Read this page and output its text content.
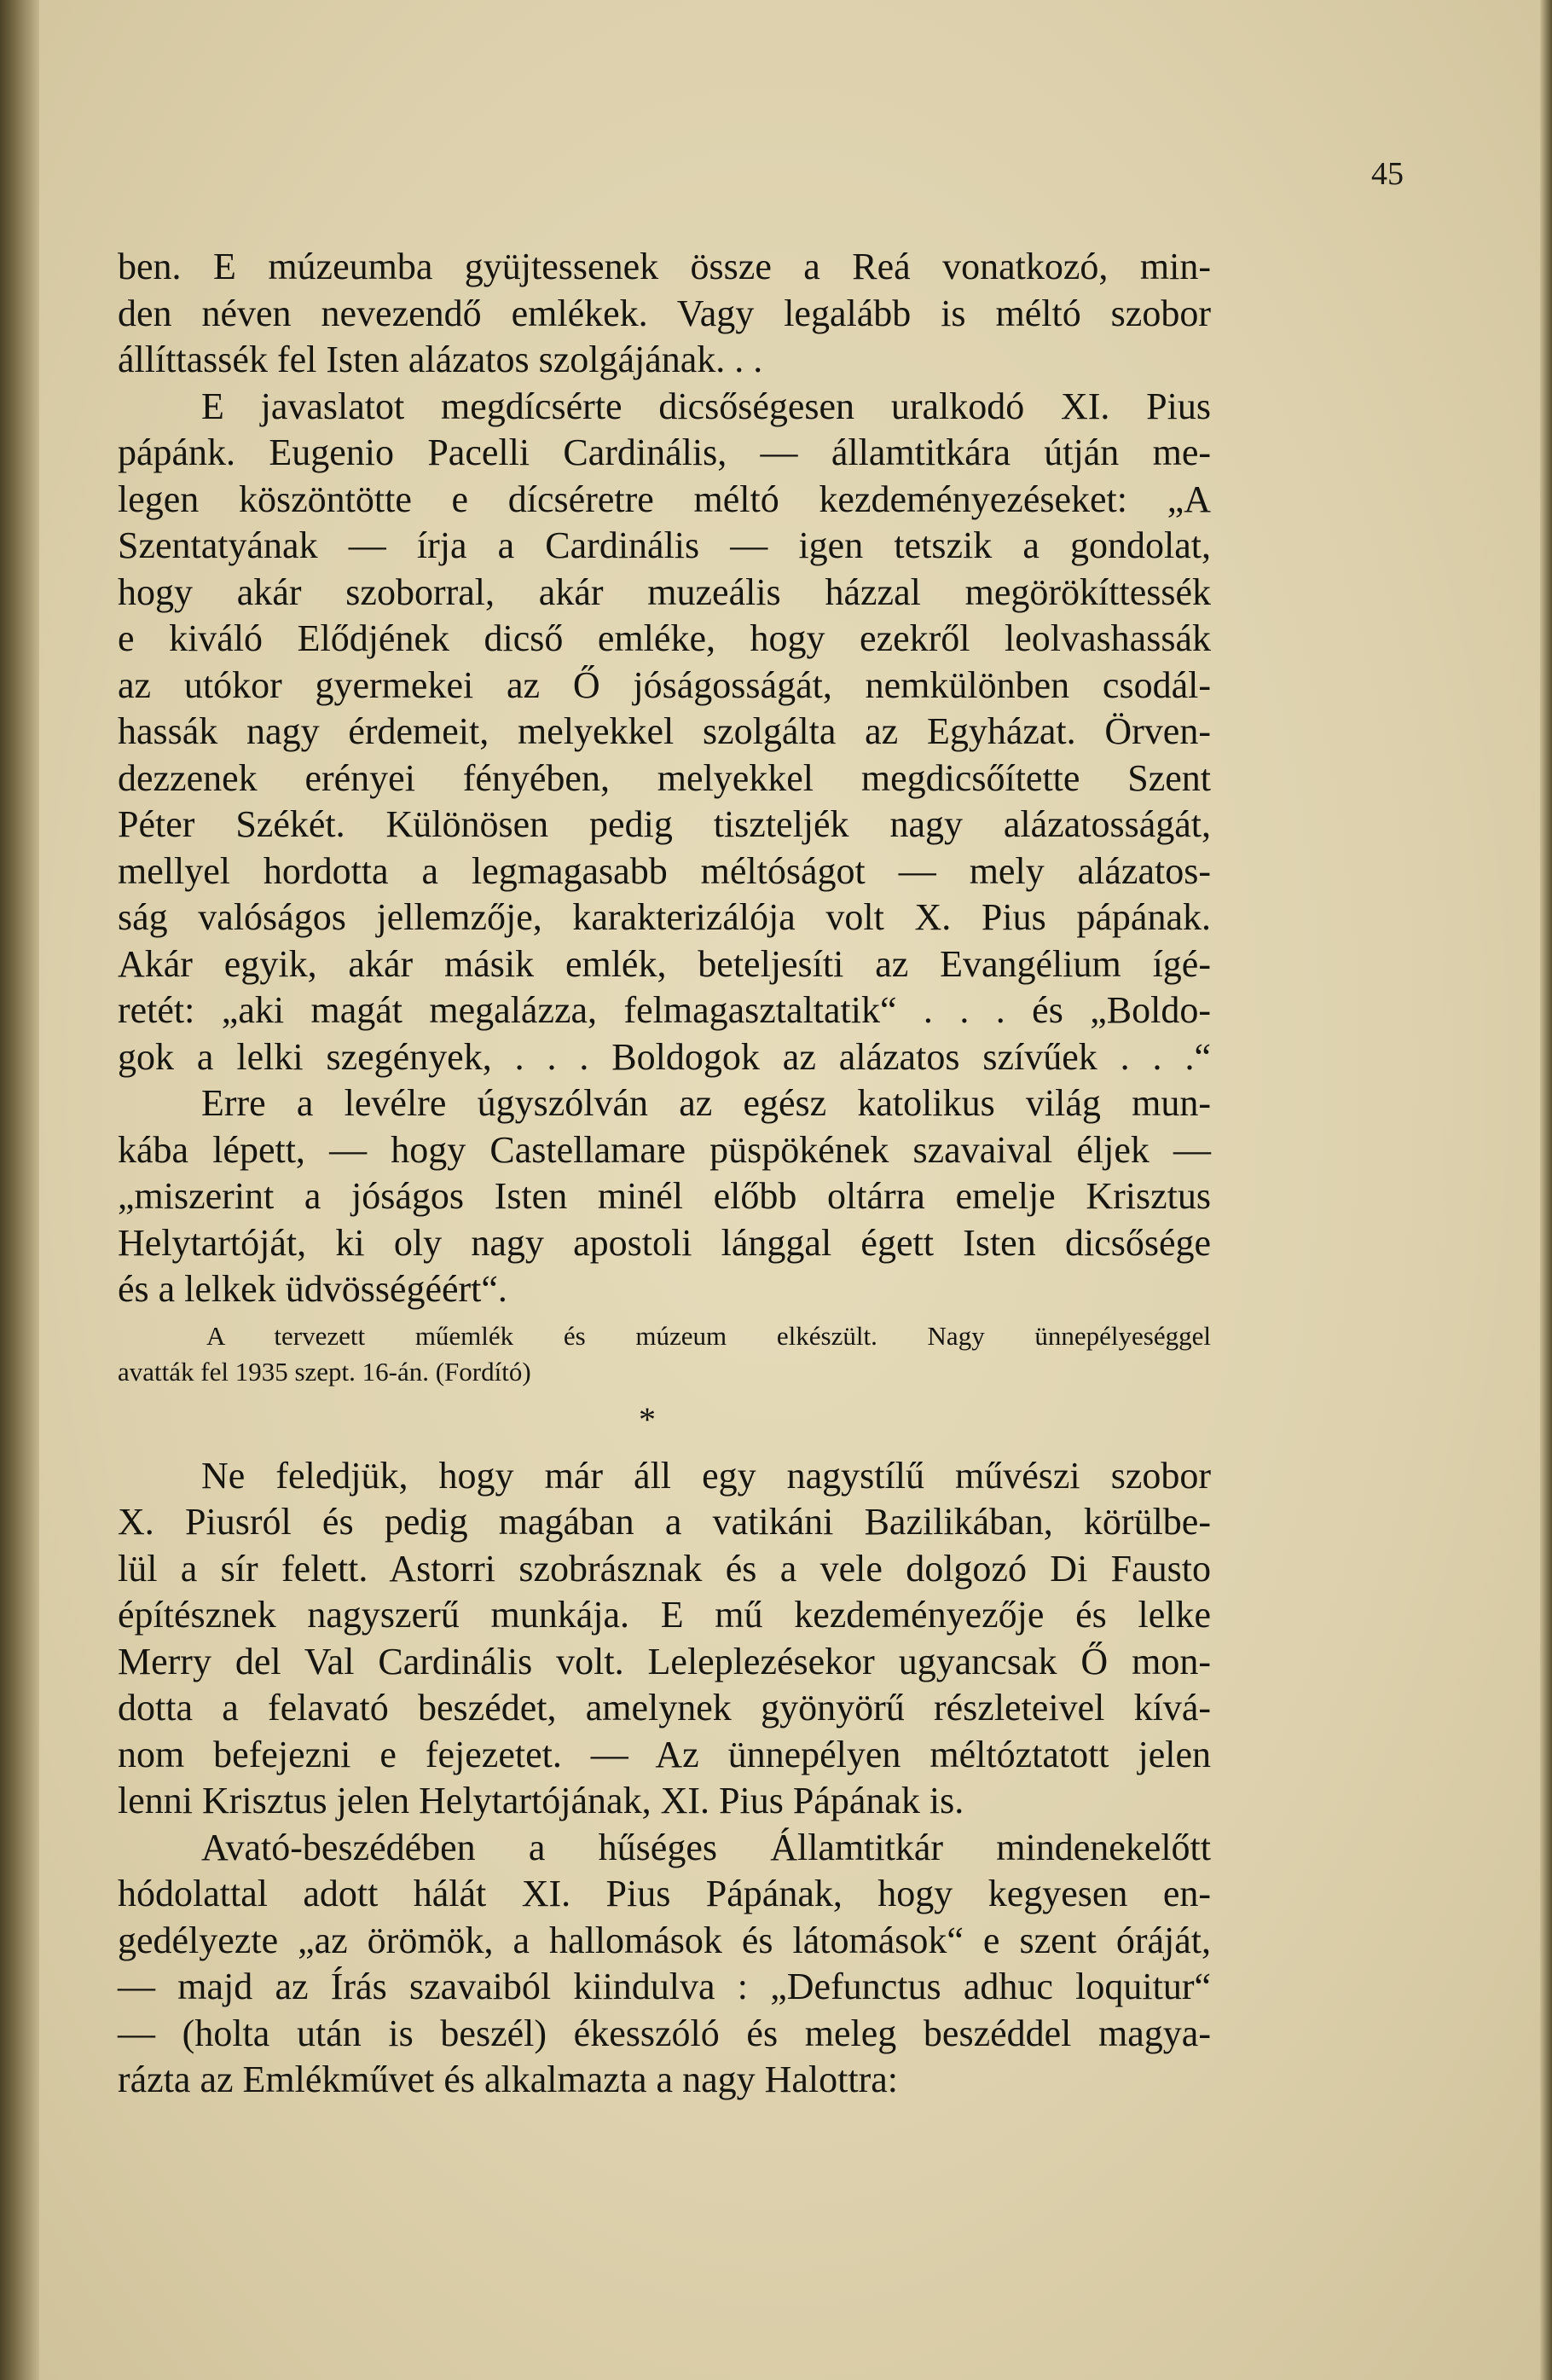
45
ben. E múzeumba gyüjtessenek össze a Reá vonatkozó, min-
den néven nevezendő emlékek. Vagy legalább is méltó szobor
állíttassék fel Isten alázatos szolgájának. . .
E javaslatot megdícsérte dicsőségesen uralkodó XI. Pius
pápánk. Eugenio Pacelli Cardinális, — államtitkára útján me-
legen köszöntötte e dícséretre méltó kezdeményezéseket: „A
Szentatyának — írja a Cardinális — igen tetszik a gondolat,
hogy akár szoborral, akár muzeális házzal megörökíttessék
e kiváló Elődjének dicső emléke, hogy ezekről leolvashassák
az utókor gyermekei az Ő jóságosságát, nemkülönben csodál-
hassák nagy érdemeit, melyekkel szolgálta az Egyházat. Örven-
dezzenek erényei fényében, melyekkel megdicsőítette Szent
Péter Székét. Különösen pedig tiszteljék nagy alázatosságát,
mellyel hordotta a legmagasabb méltóságot — mely alázatos-
ság valóságos jellemzője, karakterizálója volt X. Pius pápának.
Akár egyik, akár másik emlék, beteljesíti az Evangélium ígé-
retét: „aki magát megalázza, felmagasztaltatik“ . . . és „Boldo-
gok a lelki szegények, . . . Boldogok az alázatos szívűek . . .“
Erre a levélre úgyszólván az egész katolikus világ mun-
kába lépett, — hogy Castellamare püspökének szavaival éljek —
„miszerint a jóságos Isten minél előbb oltárra emelje Krisztus
Helytartóját, ki oly nagy apostoli lánggal égett Isten dicsősége
és a lelkek üdvösségéért“.
A tervezett műemlék és múzeum elkészült. Nagy ünnepélyeséggel
avatták fel 1935 szept. 16-án. (Fordító)
*
Ne feledjük, hogy már áll egy nagystílű művészi szobor
X. Piusról és pedig magában a vatikáni Bazilikában, körülbe-
lül a sír felett. Astorri szobrásznak és a vele dolgozó Di Fausto
építésznek nagyszerű munkája. E mű kezdeményezője és lelke
Merry del Val Cardinális volt. Leleplezésekor ugyancsak Ő mon-
dotta a felavató beszédet, amelynek gyönyörű részleteivel kívá-
nom befejezni e fejezetet. — Az ünnepélyen méltóztatott jelen
lenni Krisztus jelen Helytartójának, XI. Pius Pápának is.
Avató-beszédében a hűséges Államtitkár mindenekelőtt
hódolattal adott hálát XI. Pius Pápának, hogy kegyesen en-
gedélyezte „az örömök, a hallomások és látomások“ e szent óráját,
— majd az Írás szavaiból kiindulva : „Defunctus adhuc loquitur“
— (holta után is beszél) ékesszóló és meleg beszéddel magya-
rázta az Emlékművet és alkalmazta a nagy Halottra:
